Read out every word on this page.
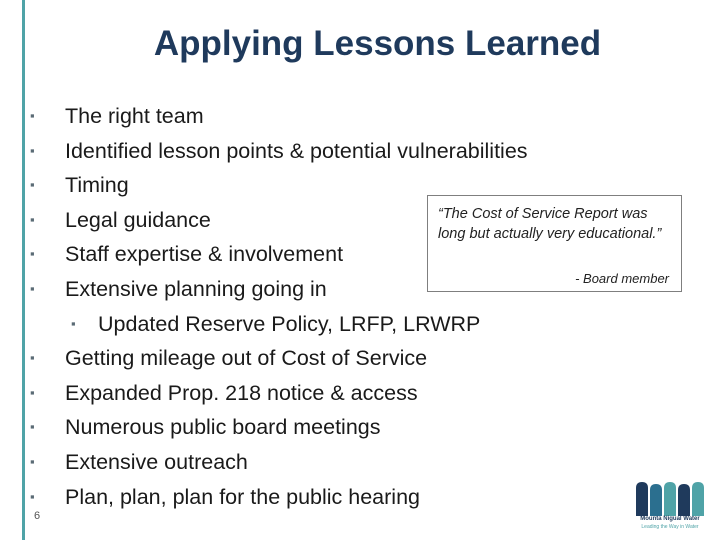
Applying Lessons Learned
▪ The right team
▪ Identified lesson points & potential vulnerabilities
▪ Timing
▪ Legal guidance
▪ Staff expertise & involvement
▪ Extensive planning going in
▪ Updated Reserve Policy, LRFP, LRWRP
▪ Getting mileage out of Cost of Service
▪ Expanded Prop. 218 notice & access
▪ Numerous public board meetings
▪ Extensive outreach
▪ Plan, plan, plan for the public hearing
“The Cost of Service Report was long but actually very educational.”
- Board member
6	Mounta Nigual Water
Leading the Way in Water
